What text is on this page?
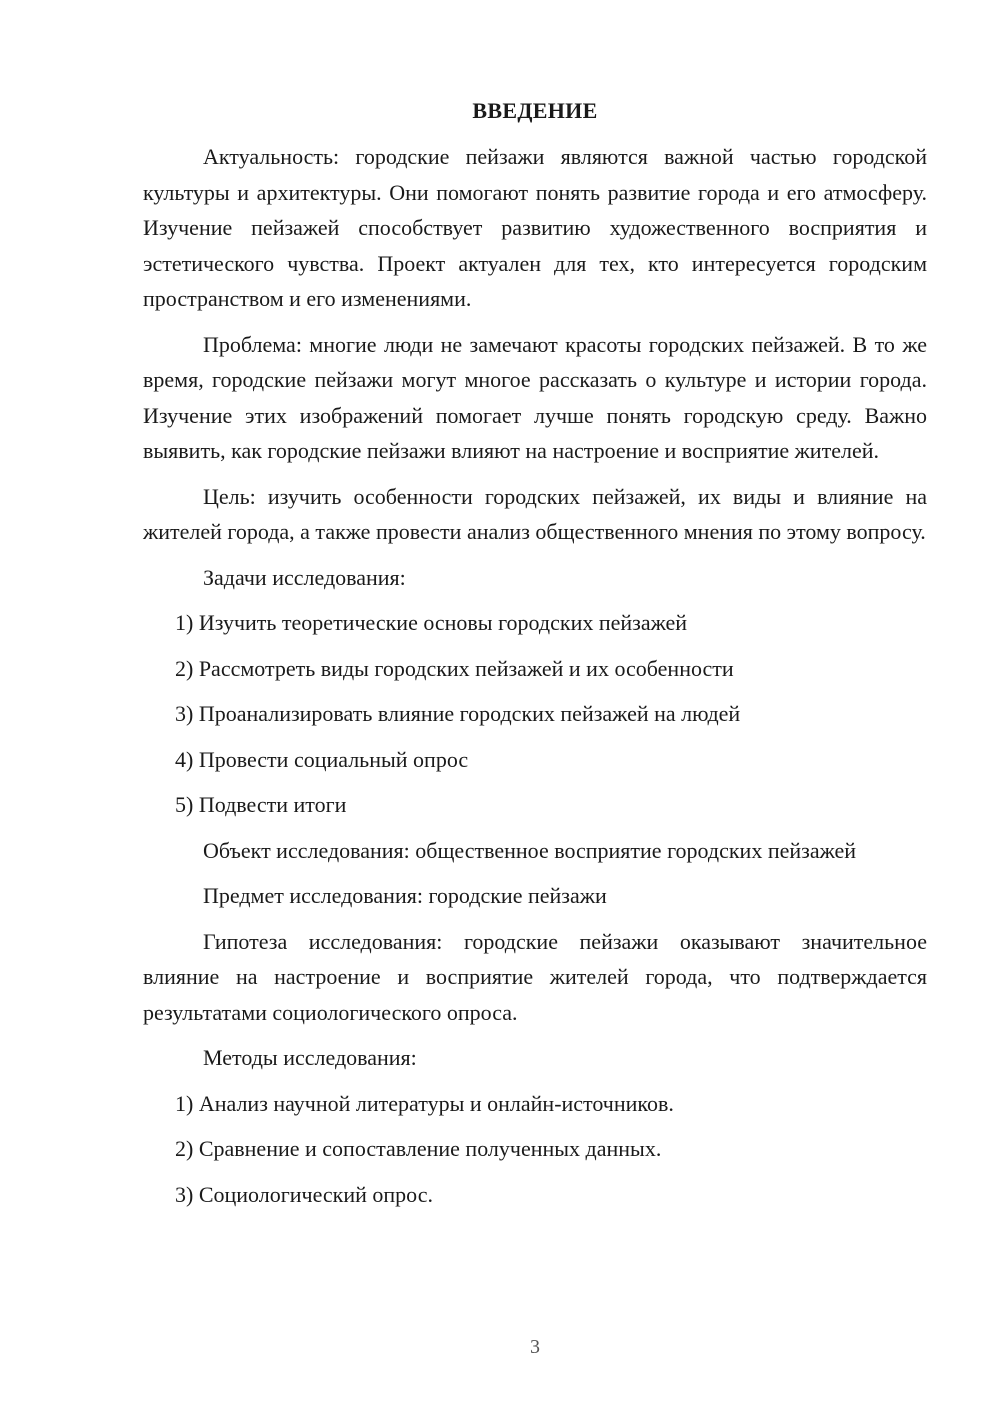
ВВЕДЕНИЕ

Актуальность: городские пейзажи являются важной частью городской культуры и архитектуры. Они помогают понять развитие города и его атмосферу. Изучение пейзажей способствует развитию художественного восприятия и эстетического чувства. Проект актуален для тех, кто интересуется городским пространством и его изменениями.

Проблема: многие люди не замечают красоты городских пейзажей. В то же время, городские пейзажи могут многое рассказать о культуре и истории города. Изучение этих изображений помогает лучше понять городскую среду. Важно выявить, как городские пейзажи влияют на настроение и восприятие жителей.

Цель: изучить особенности городских пейзажей, их виды и влияние на жителей города, а также провести анализ общественного мнения по этому вопросу.

Задачи исследования:
1) Изучить теоретические основы городских пейзажей
2) Рассмотреть виды городских пейзажей и их особенности
3) Проанализировать влияние городских пейзажей на людей
4) Провести социальный опрос
5) Подвести итоги

Объект исследования: общественное восприятие городских пейзажей

Предмет исследования: городские пейзажи

Гипотеза исследования: городские пейзажи оказывают значительное влияние на настроение и восприятие жителей города, что подтверждается результатами социологического опроса.

Методы исследования:
1) Анализ научной литературы и онлайн-источников.
2) Сравнение и сопоставление полученных данных.
3) Социологический опрос.
3
